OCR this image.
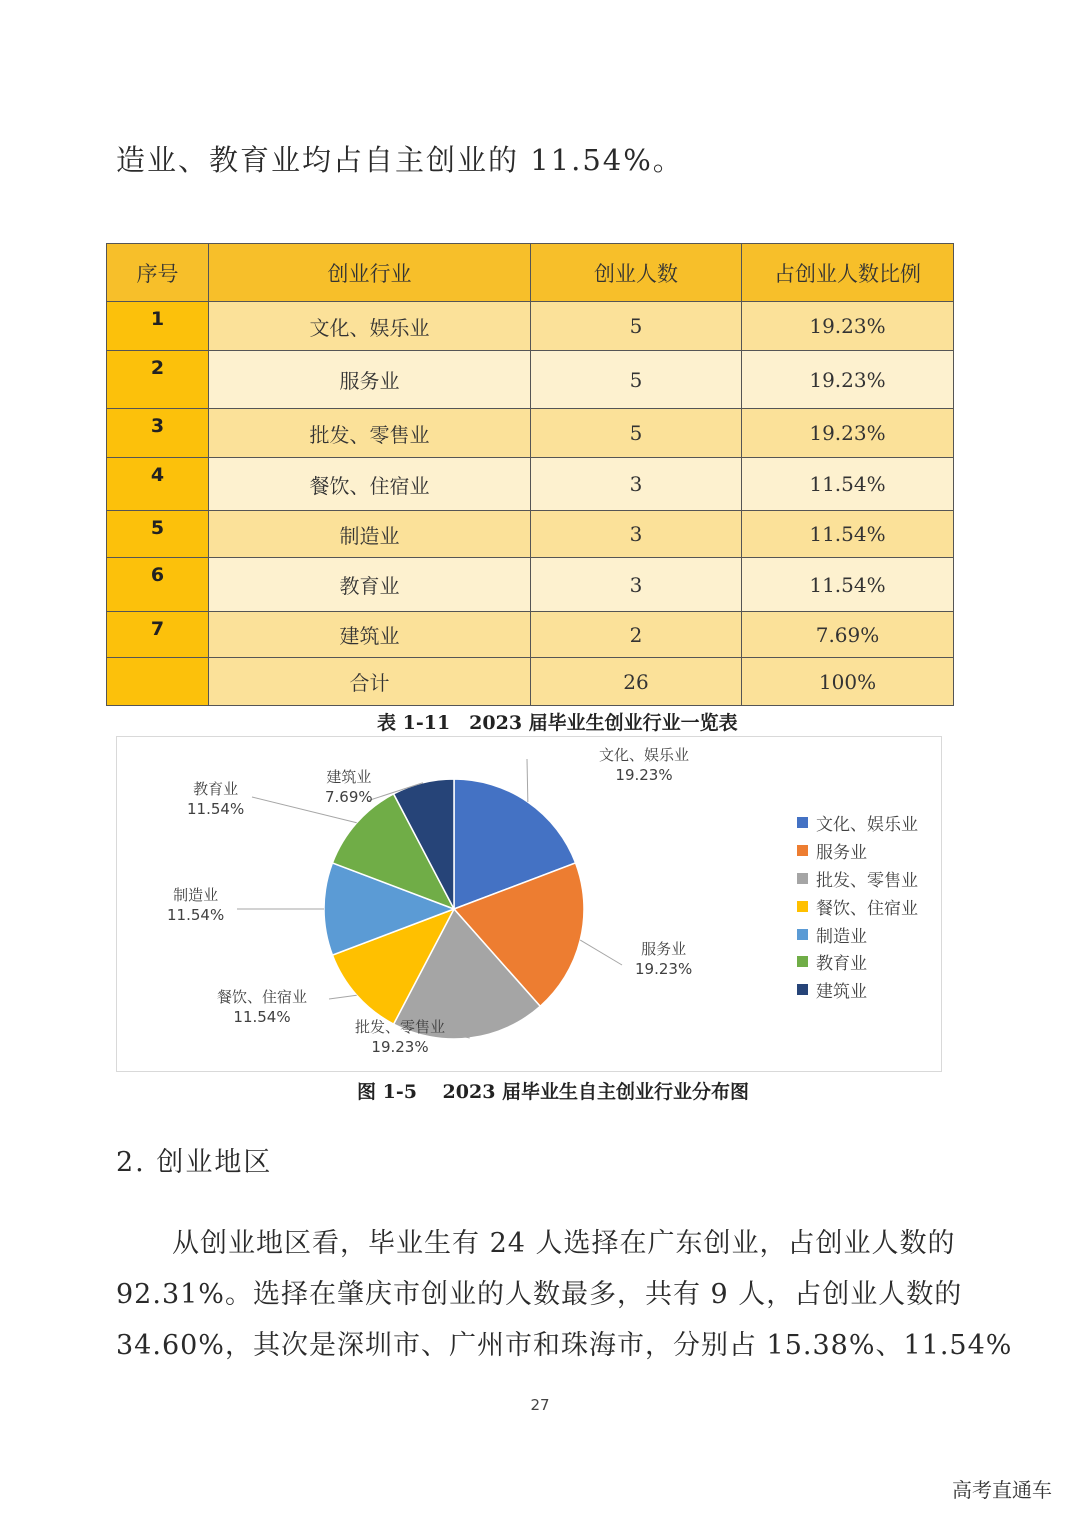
造业、教育业均占自主创业的 11.54%。
序号	创业行业	创业人数	占创业人数比例
1	文化、娱乐业	5	19.23%
2	服务业	5	19.23%
3	批发、零售业	5	19.23%
4	餐饮、住宿业	3	11.54%
5	制造业	3	11.54%
6	教育业	3	11.54%
7	建筑业	2	7.69%
	合计	26	100%
表 1-11　2023 届毕业生创业行业一览表
文化、娱乐业
19.23%
服务业
19.23%
批发、零售业
19.23%
餐饮、住宿业
11.54%
制造业
11.54%
教育业
11.54%
建筑业
7.69%
文化、娱乐业
服务业
批发、零售业
餐饮、住宿业
制造业
教育业
建筑业
图 1-5　 2023 届毕业生自主创业行业分布图
2. 创业地区

从创业地区看，毕业生有 24 人选择在广东创业，占创业人数的

92.31%。选择在肇庆市创业的人数最多，共有 9 人，占创业人数的

34.60%，其次是深圳市、广州市和珠海市，分别占 15.38%、11.54%

27
高考直通车
